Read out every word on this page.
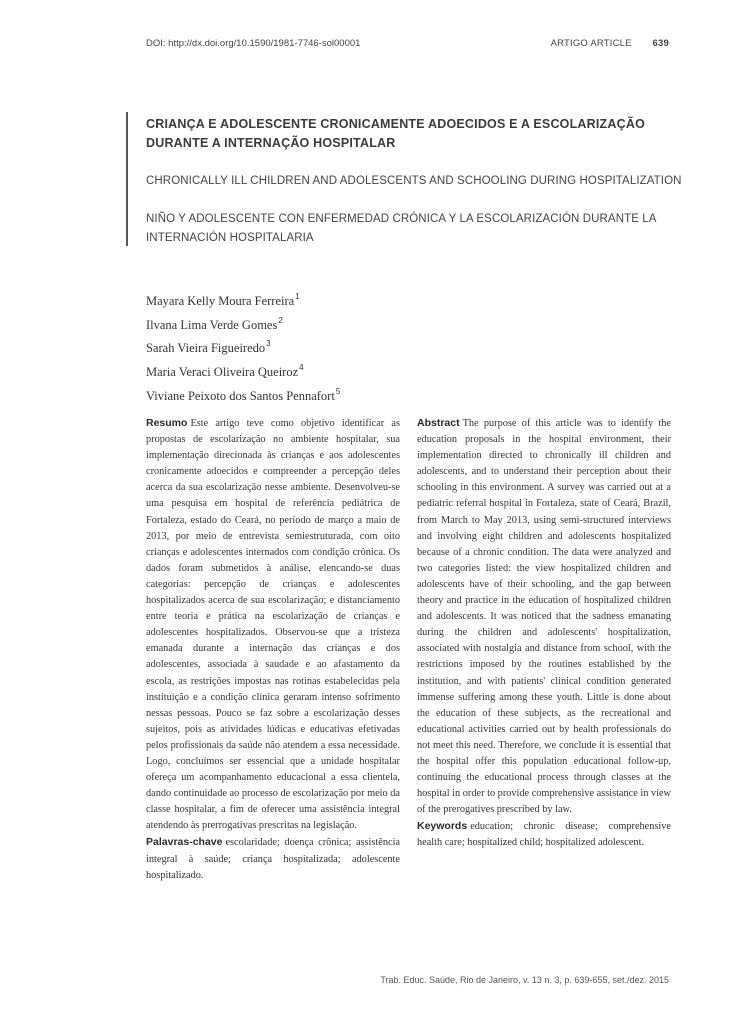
DOI: http://dx.doi.org/10.1590/1981-7746-sol00001	ARTIGO ARTICLE 639
CRIANÇA E ADOLESCENTE CRONICAMENTE ADOECIDOS E A ESCOLARIZAÇÃO DURANTE A INTERNAÇÃO HOSPITALAR

CHRONICALLY ILL CHILDREN AND ADOLESCENTS AND SCHOOLING DURING HOSPITALIZATION

NIÑO Y ADOLESCENTE CON ENFERMEDAD CRÓNICA Y LA ESCOLARIZACIÓN DURANTE LA INTERNACIÓN HOSPITALARIA

Mayara Kelly Moura Ferreira$^1$
Ilvana Lima Verde Gomes$^2$
Sarah Vieira Figueiredo$^3$
Maria Veraci Oliveira Queiroz$^4$
Viviane Peixoto dos Santos Pennafort$^5$

Resumo Este artigo teve como objetivo identificar as propostas de escolarização no ambiente hospitalar, sua implementação direcionada às crianças e aos adolescentes cronicamente adoecidos e compreender a percepção deles acerca da sua escolarização nesse ambiente. Desenvolveu-se uma pesquisa em hospital de referência pediátrica de Fortaleza, estado do Ceará, no período de março a maio de 2013, por meio de entrevista semiestruturada, com oito crianças e adolescentes internados com condição crônica. Os dados foram submetidos à análise, elencando-se duas categorias: percepção de crianças e adolescentes hospitalizados acerca de sua escolarização; e distanciamento entre teoria e prática na escolarização de crianças e adolescentes hospitalizados. Observou-se que a tristeza emanada durante a internação das crianças e dos adolescentes, associada à saudade e ao afastamento da escola, as restrições impostas nas rotinas estabelecidas pela instituição e a condição clínica geraram intenso sofrimento nessas pessoas. Pouco se faz sobre a escolarização desses sujeitos, pois as atividades lúdicas e educativas efetivadas pelos profissionais da saúde não atendem a essa necessidade. Logo, concluímos ser essencial que a unidade hospitalar ofereça um acompanhamento educacional a essa clientela, dando continuidade ao processo de escolarização por meio da classe hospitalar, a fim de oferecer uma assistência integral atendendo às prerrogativas prescritas na legislação.

Palavras-chave escolaridade; doença crônica; assistência integral à saúde; criança hospitalizada; adolescente hospitalizado.

Abstract The purpose of this article was to identify the education proposals in the hospital environment, their implementation directed to chronically ill children and adolescents, and to understand their perception about their schooling in this environment. A survey was carried out at a pediatric referral hospital in Fortaleza, state of Ceará, Brazil, from March to May 2013, using semi-structured interviews and involving eight children and adolescents hospitalized because of a chronic condition. The data were analyzed and two categories listed: the view hospitalized children and adolescents have of their schooling, and the gap between theory and practice in the education of hospitalized children and adolescents. It was noticed that the sadness emanating during the children and adolescents' hospitalization, associated with nostalgia and distance from school, with the restrictions imposed by the routines established by the institution, and with patients' clinical condition generated immense suffering among these youth. Little is done about the education of these subjects, as the recreational and educational activities carried out by health professionals do not meet this need. Therefore, we conclude it is essential that the hospital offer this population educational follow-up, continuing the educational process through classes at the hospital in order to provide comprehensive assistance in view of the prerogatives prescribed by law.

Keywords education; chronic disease; comprehensive health care; hospitalized child; hospitalized adolescent.

Trab. Educ. Saúde, Rio de Janeiro, v. 13 n. 3, p. 639-655, set./dez. 2015
